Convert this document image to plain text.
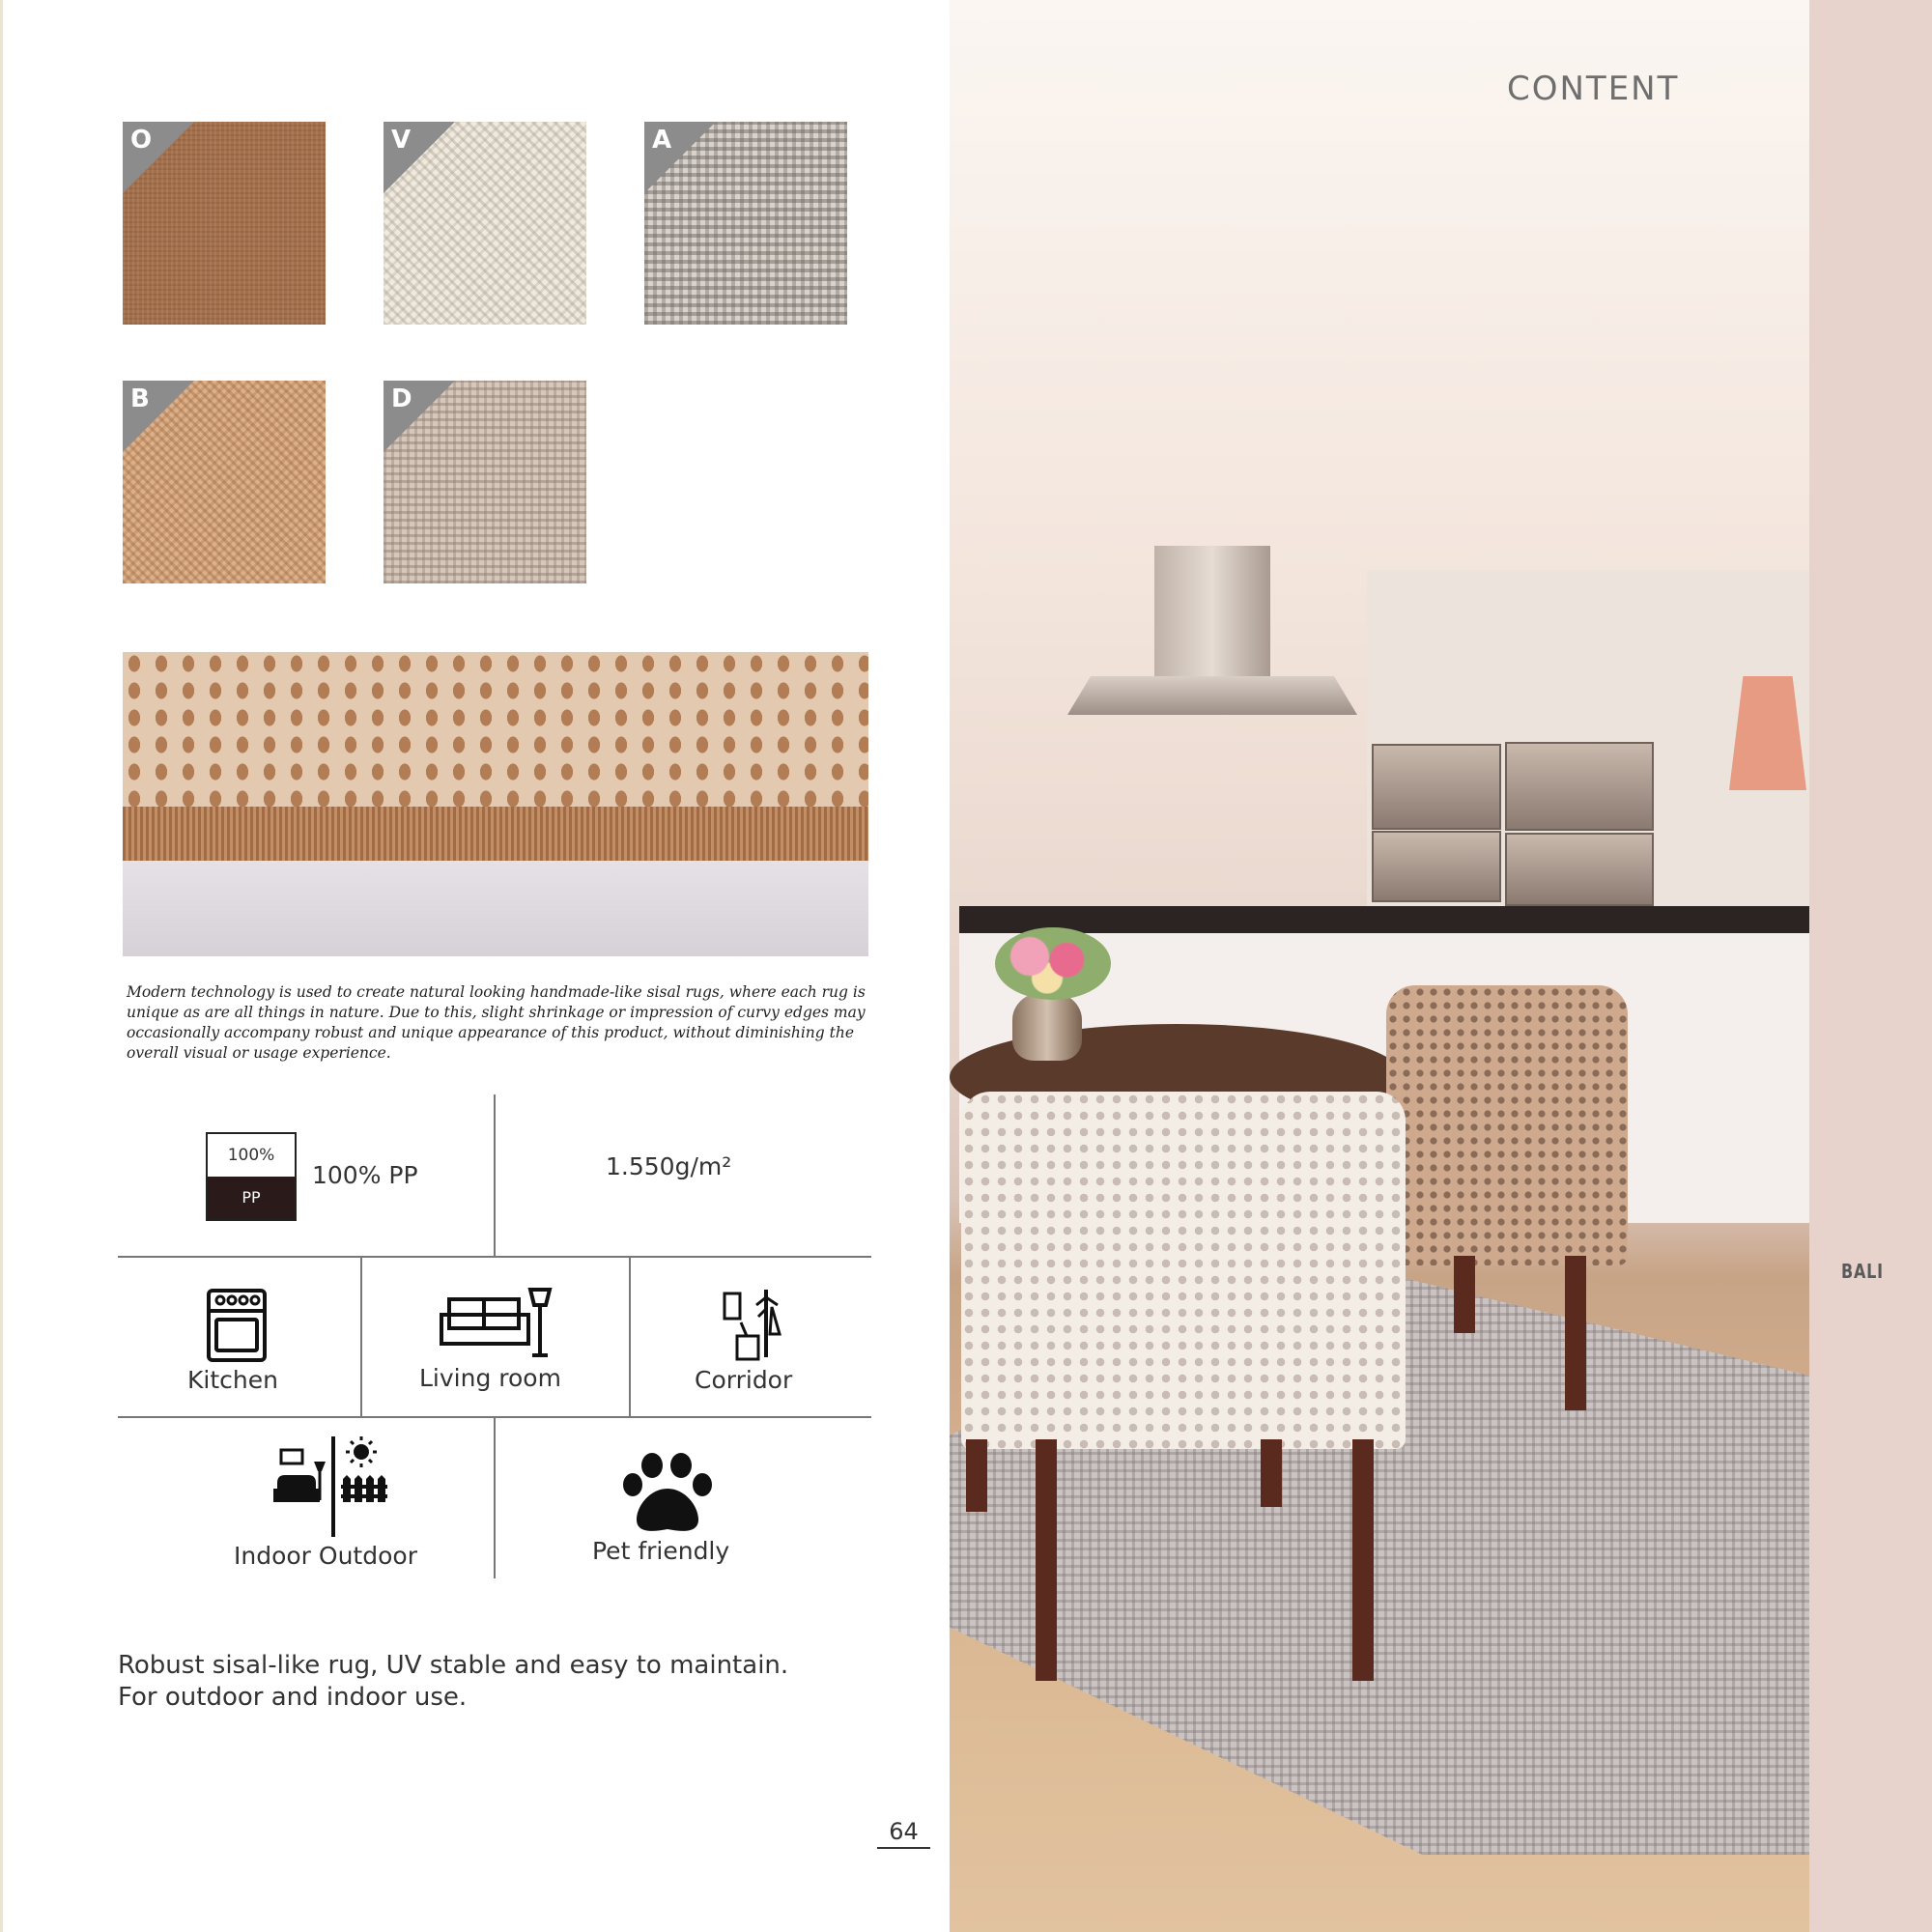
O	V	A
B	D

Modern technology is used to create natural looking handmade-like sisal rugs, where each rug is unique as are all things in nature. Due to this, slight shrinkage or impression of curvy edges may occasionally accompany robust and unique appearance of this product, without diminishing the overall visual or usage experience.

100%
PP
100% PP	1.550g/m²
Kitchen	Living room	Corridor
Indoor Outdoor	Pet friendly

Robust sisal-like rug, UV stable and easy to maintain.
For outdoor and indoor use.

64
CONTENT
BALI
